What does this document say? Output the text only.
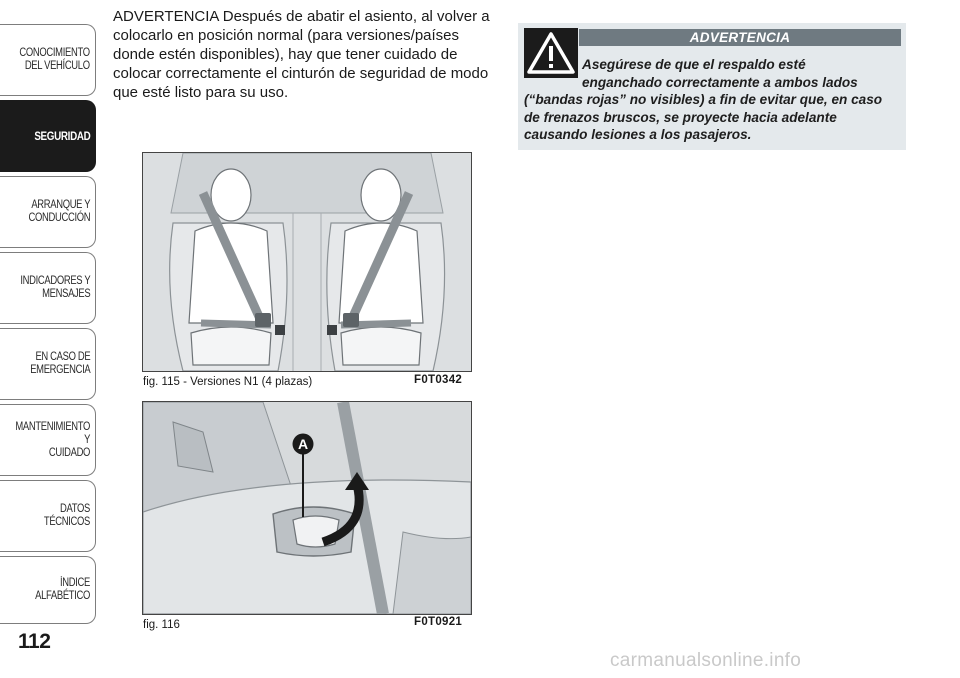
CONOCIMIENTO
DEL VEHÍCULO
SEGURIDAD
ARRANQUE Y
CONDUCCIÓN
INDICADORES Y
MENSAJES
EN CASO DE
EMERGENCIA
MANTENIMIENTO Y
CUIDADO
DATOS TÉCNICOS
ÍNDICE ALFABÉTICO
112
ADVERTENCIA Después de abatir el asiento, al volver a colocarlo en posición normal (para versiones/países donde estén disponibles), hay que tener cuidado de colocar correctamente el cinturón de seguridad de modo que esté listo para su uso.
ADVERTENCIA
Asegúrese de que el respaldo esté
enganchado correctamente a ambos lados
(“bandas rojas” no visibles) a fin de evitar que, en caso de frenazos bruscos, se proyecte hacia adelante causando lesiones a los pasajeros.
fig. 115 - Versiones N1 (4 plazas)	F0T0342
A
fig. 116	F0T0921
carmanualsonline.info
